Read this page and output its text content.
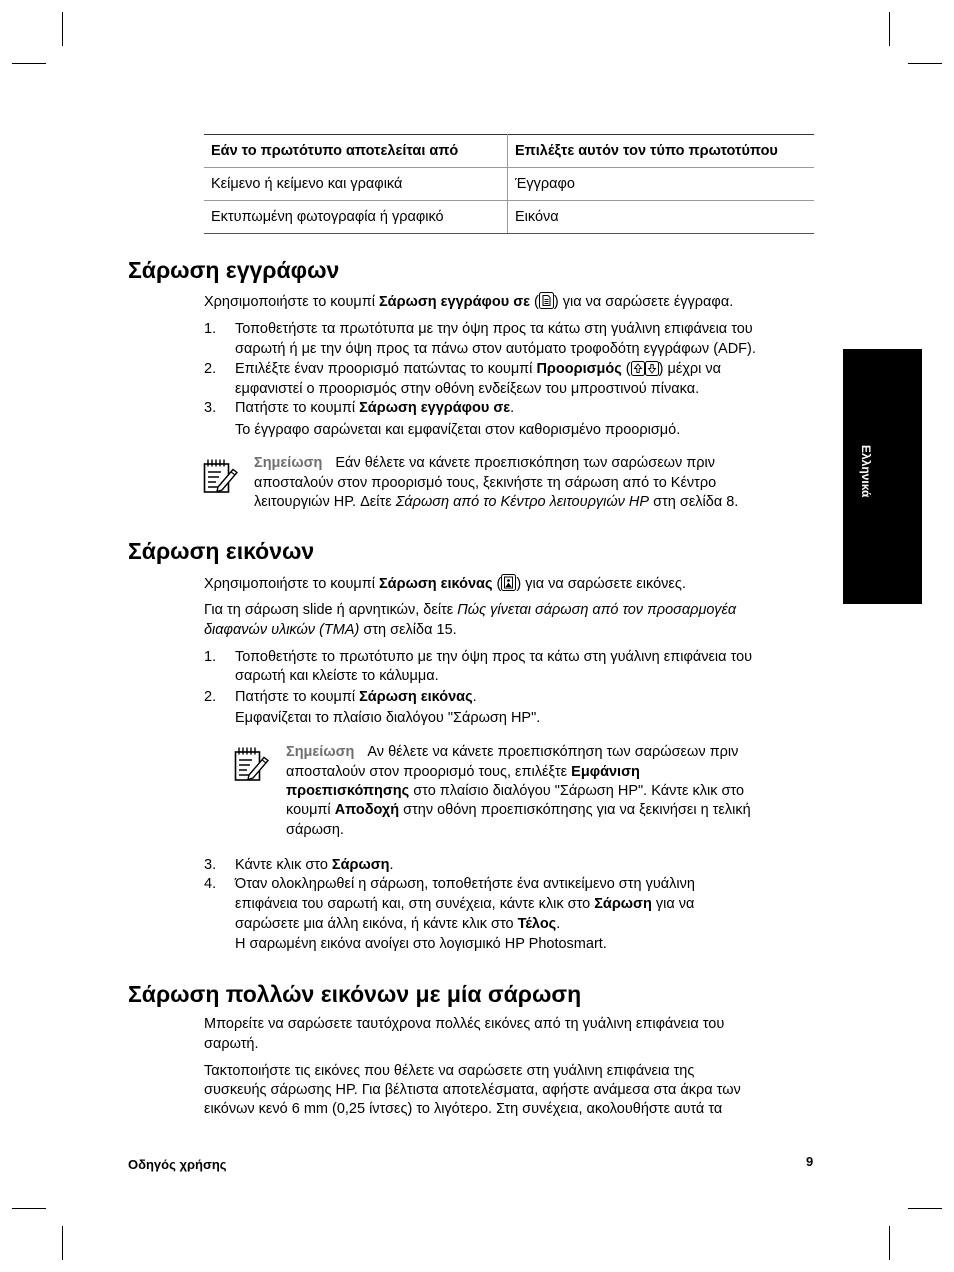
Εάν το πρωτότυπο αποτελείται από	Επιλέξτε αυτόν τον τύπο πρωτοτύπου
Κείμενο ή κείμενο και γραφικά	Έγγραφο
Εκτυπωμένη φωτογραφία ή γραφικό	Εικόνα
Ελληνικά
Σάρωση εγγράφων
Χρησιμοποιήστε το κουμπί Σάρωση εγγράφου σε ( ) για να σαρώσετε έγγραφα.
1. Τοποθετήστε τα πρωτότυπα με την όψη προς τα κάτω στη γυάλινη επιφάνεια του
σαρωτή ή με την όψη προς τα πάνω στον αυτόματο τροφοδότη εγγράφων (ADF).
2. Επιλέξτε έναν προορισμό πατώντας το κουμπί Προορισμός ( ) μέχρι να
εμφανιστεί ο προορισμός στην οθόνη ενδείξεων του μπροστινού πίνακα.
3. Πατήστε το κουμπί Σάρωση εγγράφου σε.
Το έγγραφο σαρώνεται και εμφανίζεται στον καθορισμένο προορισμό.
Σημείωση Εάν θέλετε να κάνετε προεπισκόπηση των σαρώσεων πριν
αποσταλούν στον προορισμό τους, ξεκινήστε τη σάρωση από το Κέντρο
λειτουργιών HP. Δείτε Σάρωση από το Κέντρο λειτουργιών HP στη σελίδα 8.
Σάρωση εικόνων
Χρησιμοποιήστε το κουμπί Σάρωση εικόνας ( ) για να σαρώσετε εικόνες.
Για τη σάρωση slide ή αρνητικών, δείτε Πώς γίνεται σάρωση από τον προσαρμογέα
διαφανών υλικών (TMA) στη σελίδα 15.
1. Τοποθετήστε το πρωτότυπο με την όψη προς τα κάτω στη γυάλινη επιφάνεια του
σαρωτή και κλείστε το κάλυμμα.
2. Πατήστε το κουμπί Σάρωση εικόνας.
Εμφανίζεται το πλαίσιο διαλόγου "Σάρωση HP".
Σημείωση Αν θέλετε να κάνετε προεπισκόπηση των σαρώσεων πριν
αποσταλούν στον προορισμό τους, επιλέξτε Εμφάνιση
προεπισκόπησης στο πλαίσιο διαλόγου "Σάρωση HP". Κάντε κλικ στο
κουμπί Αποδοχή στην οθόνη προεπισκόπησης για να ξεκινήσει η τελική
σάρωση.
3. Κάντε κλικ στο Σάρωση.
4. Όταν ολοκληρωθεί η σάρωση, τοποθετήστε ένα αντικείμενο στη γυάλινη
επιφάνεια του σαρωτή και, στη συνέχεια, κάντε κλικ στο Σάρωση για να
σαρώσετε μια άλλη εικόνα, ή κάντε κλικ στο Τέλος.
Η σαρωμένη εικόνα ανοίγει στο λογισμικό HP Photosmart.
Σάρωση πολλών εικόνων με μία σάρωση
Μπορείτε να σαρώσετε ταυτόχρονα πολλές εικόνες από τη γυάλινη επιφάνεια του
σαρωτή.
Τακτοποιήστε τις εικόνες που θέλετε να σαρώσετε στη γυάλινη επιφάνεια της
συσκευής σάρωσης HP. Για βέλτιστα αποτελέσματα, αφήστε ανάμεσα στα άκρα των
εικόνων κενό 6 mm (0,25 ίντσες) το λιγότερο. Στη συνέχεια, ακολουθήστε αυτά τα
Οδηγός χρήσης	9
